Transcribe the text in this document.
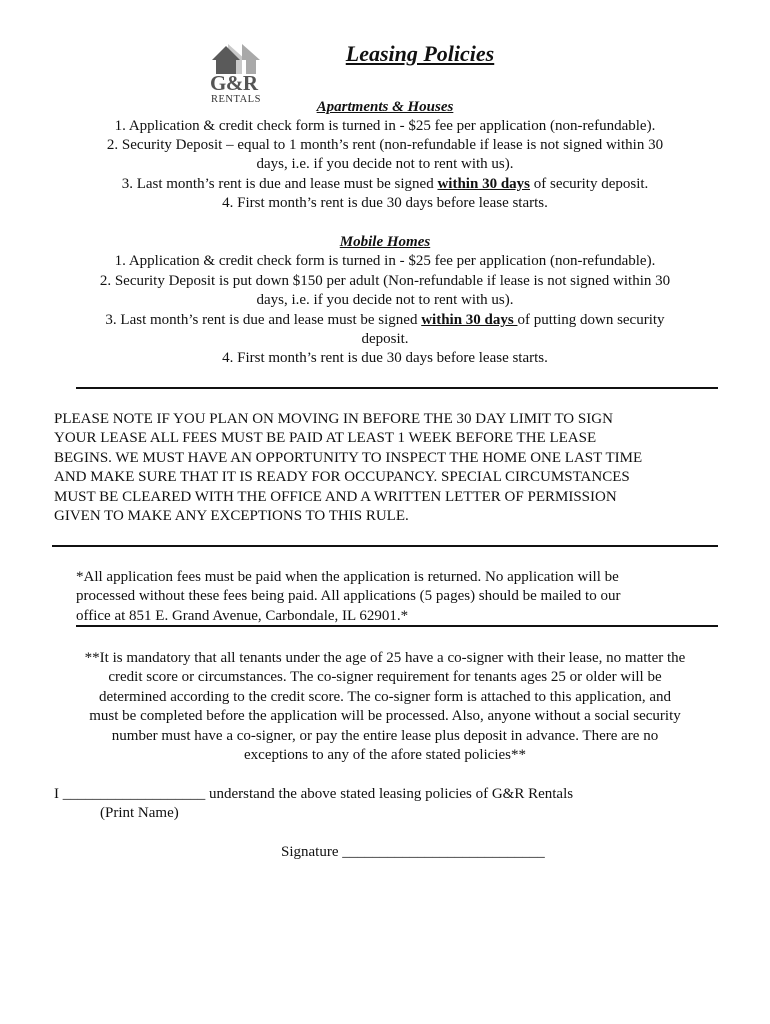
G&R
RENTALS
Leasing Policies
Apartments & Houses
1. Application & credit check form is turned in - $25 fee per application (non-refundable).
2. Security Deposit – equal to 1 month’s rent (non-refundable if lease is not signed within 30
days, i.e. if you decide not to rent with us).
3. Last month’s rent is due and lease must be signed within 30 days of security deposit.
4. First month’s rent is due 30 days before lease starts.
Mobile Homes
1. Application & credit check form is turned in - $25 fee per application (non-refundable).
2. Security Deposit is put down $150 per adult (Non-refundable if lease is not signed within 30
days, i.e. if you decide not to rent with us).
3. Last month’s rent is due and lease must be signed within 30 days of putting down security
deposit.
4. First month’s rent is due 30 days before lease starts.
PLEASE NOTE IF YOU PLAN ON MOVING IN BEFORE THE 30 DAY LIMIT TO SIGN
YOUR LEASE ALL FEES MUST BE PAID AT LEAST 1 WEEK BEFORE THE LEASE
BEGINS. WE MUST HAVE AN OPPORTUNITY TO INSPECT THE HOME ONE LAST TIME
AND MAKE SURE THAT IT IS READY FOR OCCUPANCY. SPECIAL CIRCUMSTANCES
MUST BE CLEARED WITH THE OFFICE AND A WRITTEN LETTER OF PERMISSION
GIVEN TO MAKE ANY EXCEPTIONS TO THIS RULE.
*All application fees must be paid when the application is returned. No application will be
processed without these fees being paid. All applications (5 pages) should be mailed to our
office at 851 E. Grand Avenue, Carbondale, IL 62901.*
**It is mandatory that all tenants under the age of 25 have a co-signer with their lease, no matter the
credit score or circumstances. The co-signer requirement for tenants ages 25 or older will be
determined according to the credit score. The co-signer form is attached to this application, and
must be completed before the application will be processed. Also, anyone without a social security
number must have a co-signer, or pay the entire lease plus deposit in advance. There are no
exceptions to any of the afore stated policies**
I ___________________ understand the above stated leasing policies of G&R Rentals
(Print Name)
Signature ___________________________
